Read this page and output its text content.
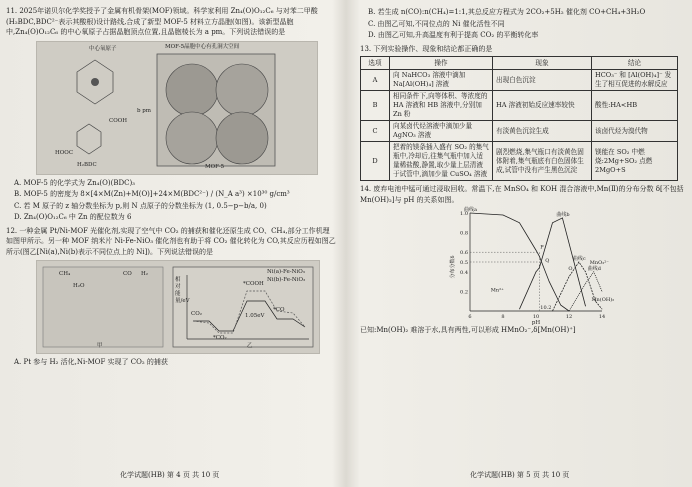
11. 2025年诺贝尔化学奖授予了金属有机骨架(MOF)领域。科学家利用 Zn₄(O)O₁₂C₆ 与对苯二甲酸(H₂BDC,BDC²⁻表示其酸根)设计路线,合成了新型 MOF-5 材料立方晶胞(如图)。该新型晶胞中,Zn₄(O)O₁₂C₆ 的中心氧原子占据晶胞顶点位置,且晶胞棱长为 a pm。下列说法错误的是

中心氧原子	MOF-5晶胞中心有孔洞大空间
COOH
HOOC
H₂BDC
b pm
MOF-5

A. MOF-5 的化学式为 Zn₄(O)(BDC)₃

B. MOF-5 的密度为 8×[4×M(Zn)+M(O)]+24×M(BDC²⁻) / (N_A a³) ×10³⁰ g/cm³

C. 若 M 原子的 z 轴分数坐标为 p,则 N 点原子的分数坐标为 (1, 0.5−p−b/a, 0)

D. Zn₄(O)O₁₂C₆ 中 Zn 的配位数为 6

12. 一种金属 Pt/Ni-MOF 光催化剂,实现了空气中 CO₂ 的捕获和催化还原生成 CO、CH₄,部分工作机理如图甲所示。另一种 MOF 纳米片 Ni-Fe-NiO₃ 催化剂也有助于将 CO₂ 催化转化为 CO,其反应历程如图乙所示(图乙[Ni(a),Ni(b)表示不同位点上的 Ni])。下列说法错误的是

CH₄
H₂O
CO H₂
*COOH
*CO
*CO₂
CO₂	1.05eV
Ni(a)-Fe-NiO₃
Ni(b)-Fe-NiO₃
甲	乙
相对能量/eV

A. Pt 参与 H₂ 活化,Ni-MOF 实现了 CO₂ 的捕获

化学试题(HB) 第 4 页 共 10 页

B. 若生成 n(CO):n(CH₄)=1:1,其总反应方程式为 2CO₂+5H₂ 催化剂 CO+CH₄+3H₂O

C. 由图乙可知,不同位点的 Ni 催化活性不同

D. 由图乙可知,升高温度有利于提高 CO₂ 的平衡转化率

13. 下列实验操作、现象和结论都正确的是

选项	操作	现象	结论
A	向 NaHCO₃ 溶液中滴加 Na[Al(OH)₄] 溶液	出现白色沉淀	HCO₃⁻ 和 [Al(OH)₄]⁻ 发生了相互促进的水解反应
B	相同条件下,向等体积、等浓度的 HA 溶液和 HB 溶液中,分别加 Zn 粉	HA 溶液初始反应速率较快	酸性:HA<HB
C	向某卤代烃溶液中滴加少量 AgNO₃ 溶液	有淡黄色沉淀生成	该卤代烃为溴代物
D	把着的镁条插入盛有 SO₂ 的集气瓶中,冷却后,往集气瓶中加入适量稀盐酸,静置,取少量上层清液于试管中,滴加少量 CuSO₄ 溶液	剧烈燃烧,集气瓶口有淡黄色固体附着,集气瓶底有白色固体生成,试管中没有产生黑色沉淀	镁能在 SO₂ 中燃烧:2Mg+SO₂ 点燃 2MgO+S

14. 废弃电池中锰可通过浸取回收。常温下,在 MnSO₄ 和 KOH 混合溶液中,Mn(Ⅱ)的分布分数 δ[不包括 Mn(OH)₂]与 pH 的关系如图。

6	8	10	12	14
0.2
0.4
0.5
0.6
0.8
1.0
pH
分布分数δ
曲线a
曲线b
曲线c
曲线d
10.2
P
Q
O
Mn²⁺
MnO₂²⁻
Mn(OH)₂

已知:Mn(OH)₂ 难溶于水,具有两性,可以形成 HMnO₂⁻,δ[Mn(OH)⁺]

化学试题(HB) 第 5 页 共 10 页
